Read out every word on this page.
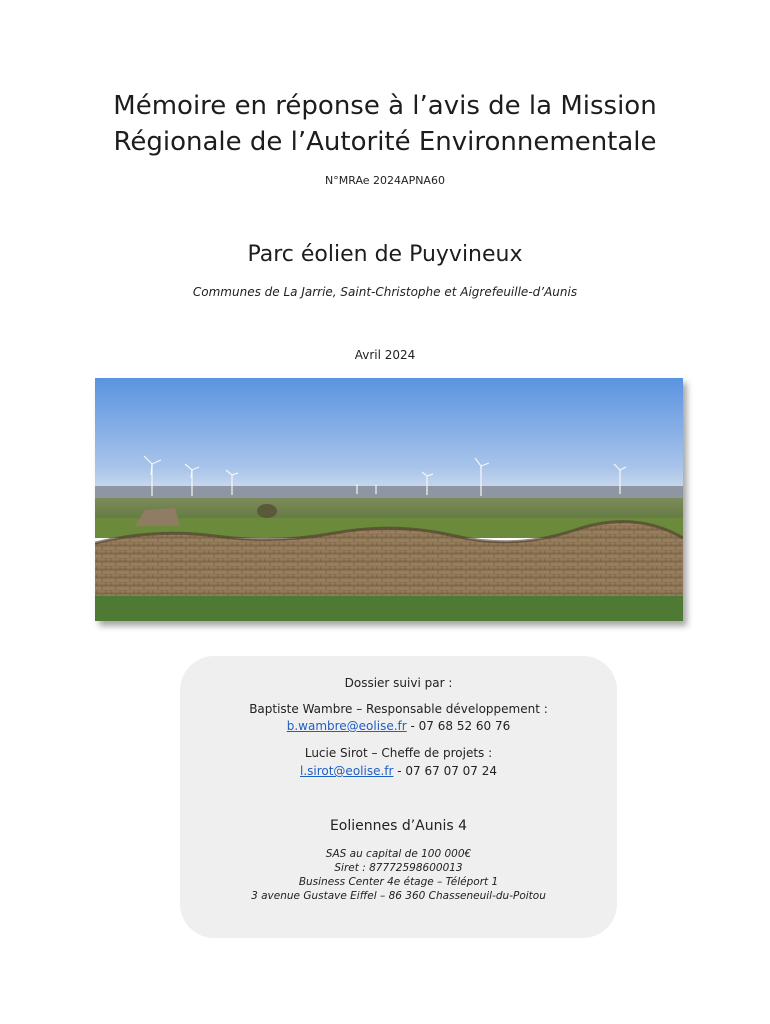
Mémoire en réponse à l’avis de la Mission
Régionale de l’Autorité Environnementale
N°MRAe 2024APNA60
Parc éolien de Puyvineux
Communes de La Jarrie, Saint-Christophe et Aigrefeuille-d’Aunis
Avril 2024
Dossier suivi par :
Baptiste Wambre – Responsable développement :
b.wambre@eolise.fr - 07 68 52 60 76
Lucie Sirot – Cheffe de projets :
l.sirot@eolise.fr - 07 67 07 07 24
Eoliennes d’Aunis 4
SAS au capital de 100 000€
Siret : 87772598600013
Business Center 4e étage – Téléport 1
3 avenue Gustave Eiffel – 86 360 Chasseneuil-du-Poitou
